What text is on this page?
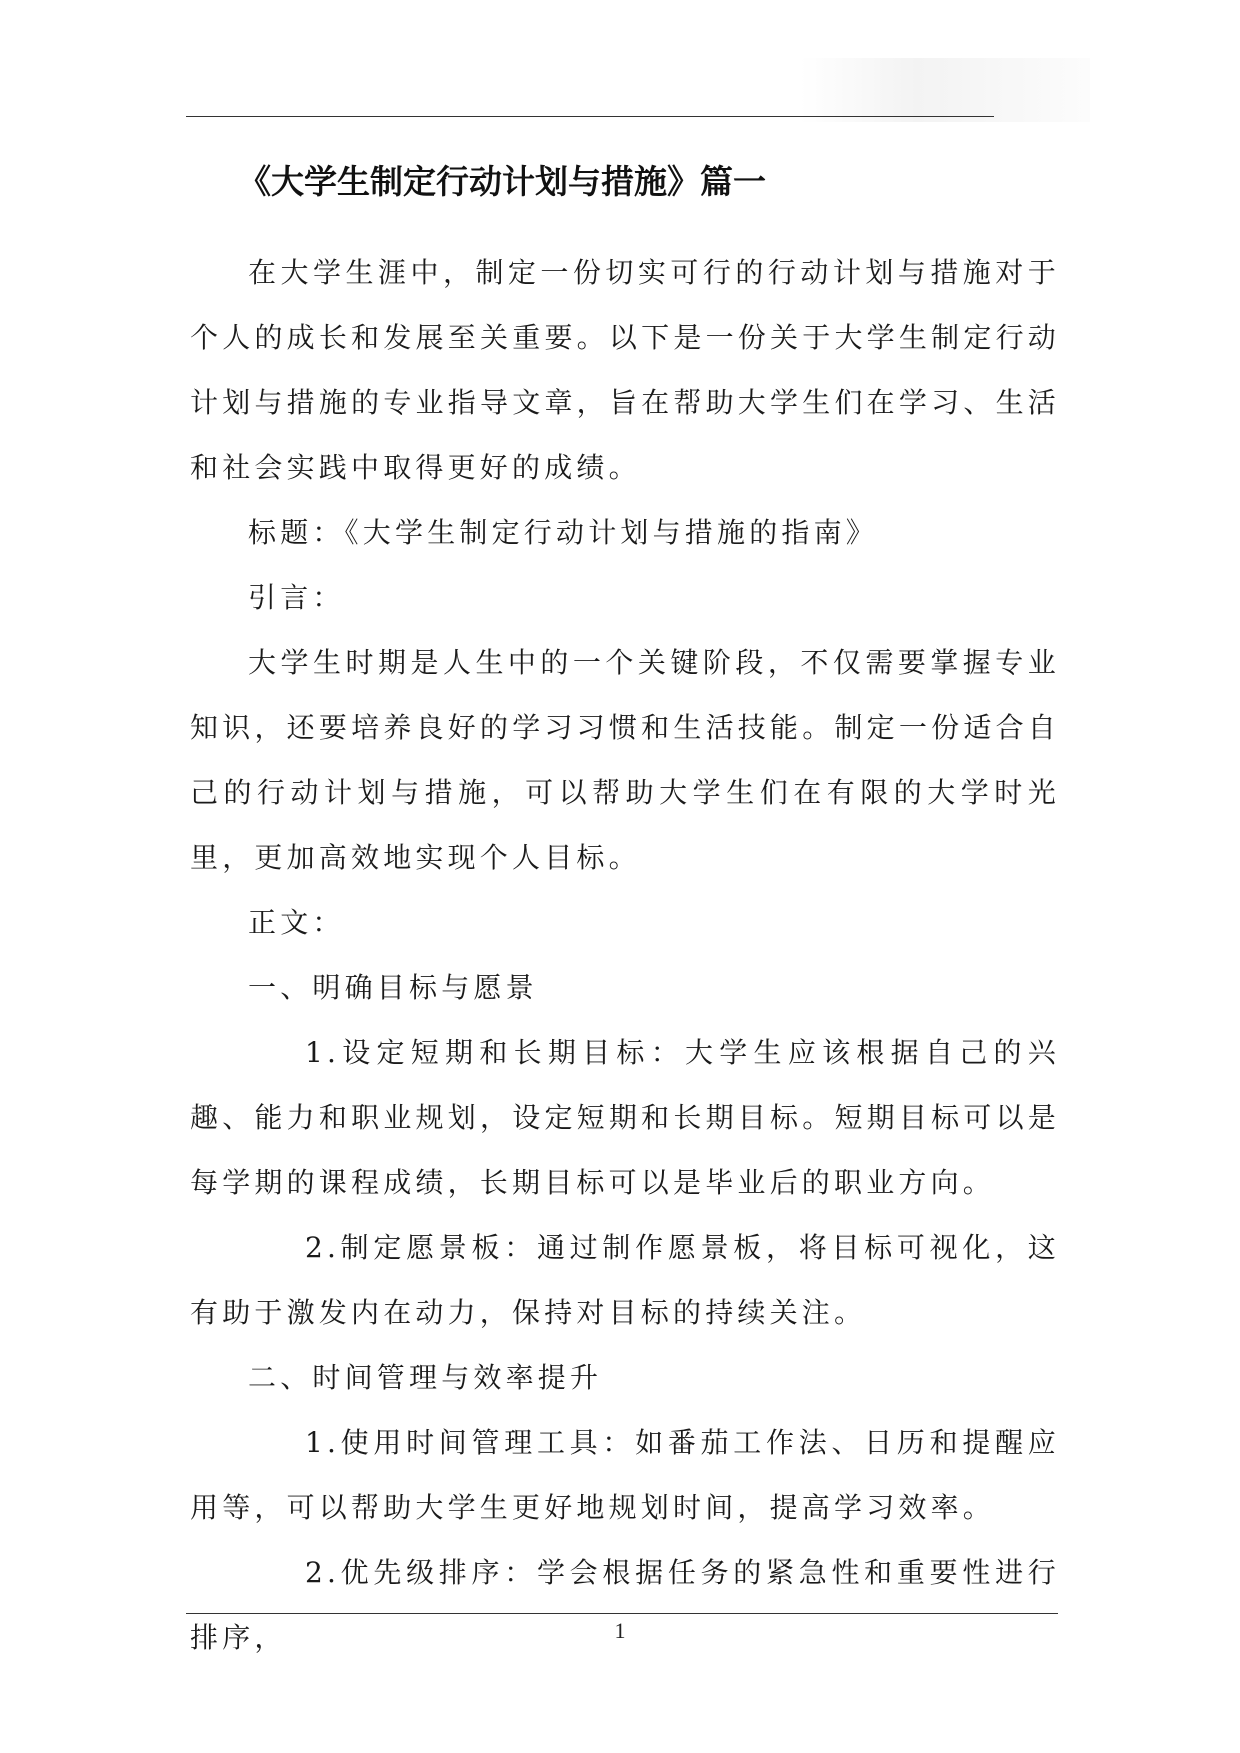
《大学生制定行动计划与措施》篇一

在大学生涯中，制定一份切实可行的行动计划与措施对于个人的成长和发展至关重要。以下是一份关于大学生制定行动计划与措施的专业指导文章，旨在帮助大学生们在学习、生活和社会实践中取得更好的成绩。

标题：《大学生制定行动计划与措施的指南》

引言：

大学生时期是人生中的一个关键阶段，不仅需要掌握专业知识，还要培养良好的学习习惯和生活技能。制定一份适合自己的行动计划与措施，可以帮助大学生们在有限的大学时光里，更加高效地实现个人目标。

正文：

一、明确目标与愿景

1.设定短期和长期目标：大学生应该根据自己的兴趣、能力和职业规划，设定短期和长期目标。短期目标可以是每学期的课程成绩，长期目标可以是毕业后的职业方向。

2.制定愿景板：通过制作愿景板，将目标可视化，这有助于激发内在动力，保持对目标的持续关注。

二、时间管理与效率提升

1.使用时间管理工具：如番茄工作法、日历和提醒应用等，可以帮助大学生更好地规划时间，提高学习效率。

2.优先级排序：学会根据任务的紧急性和重要性进行排序，	1
